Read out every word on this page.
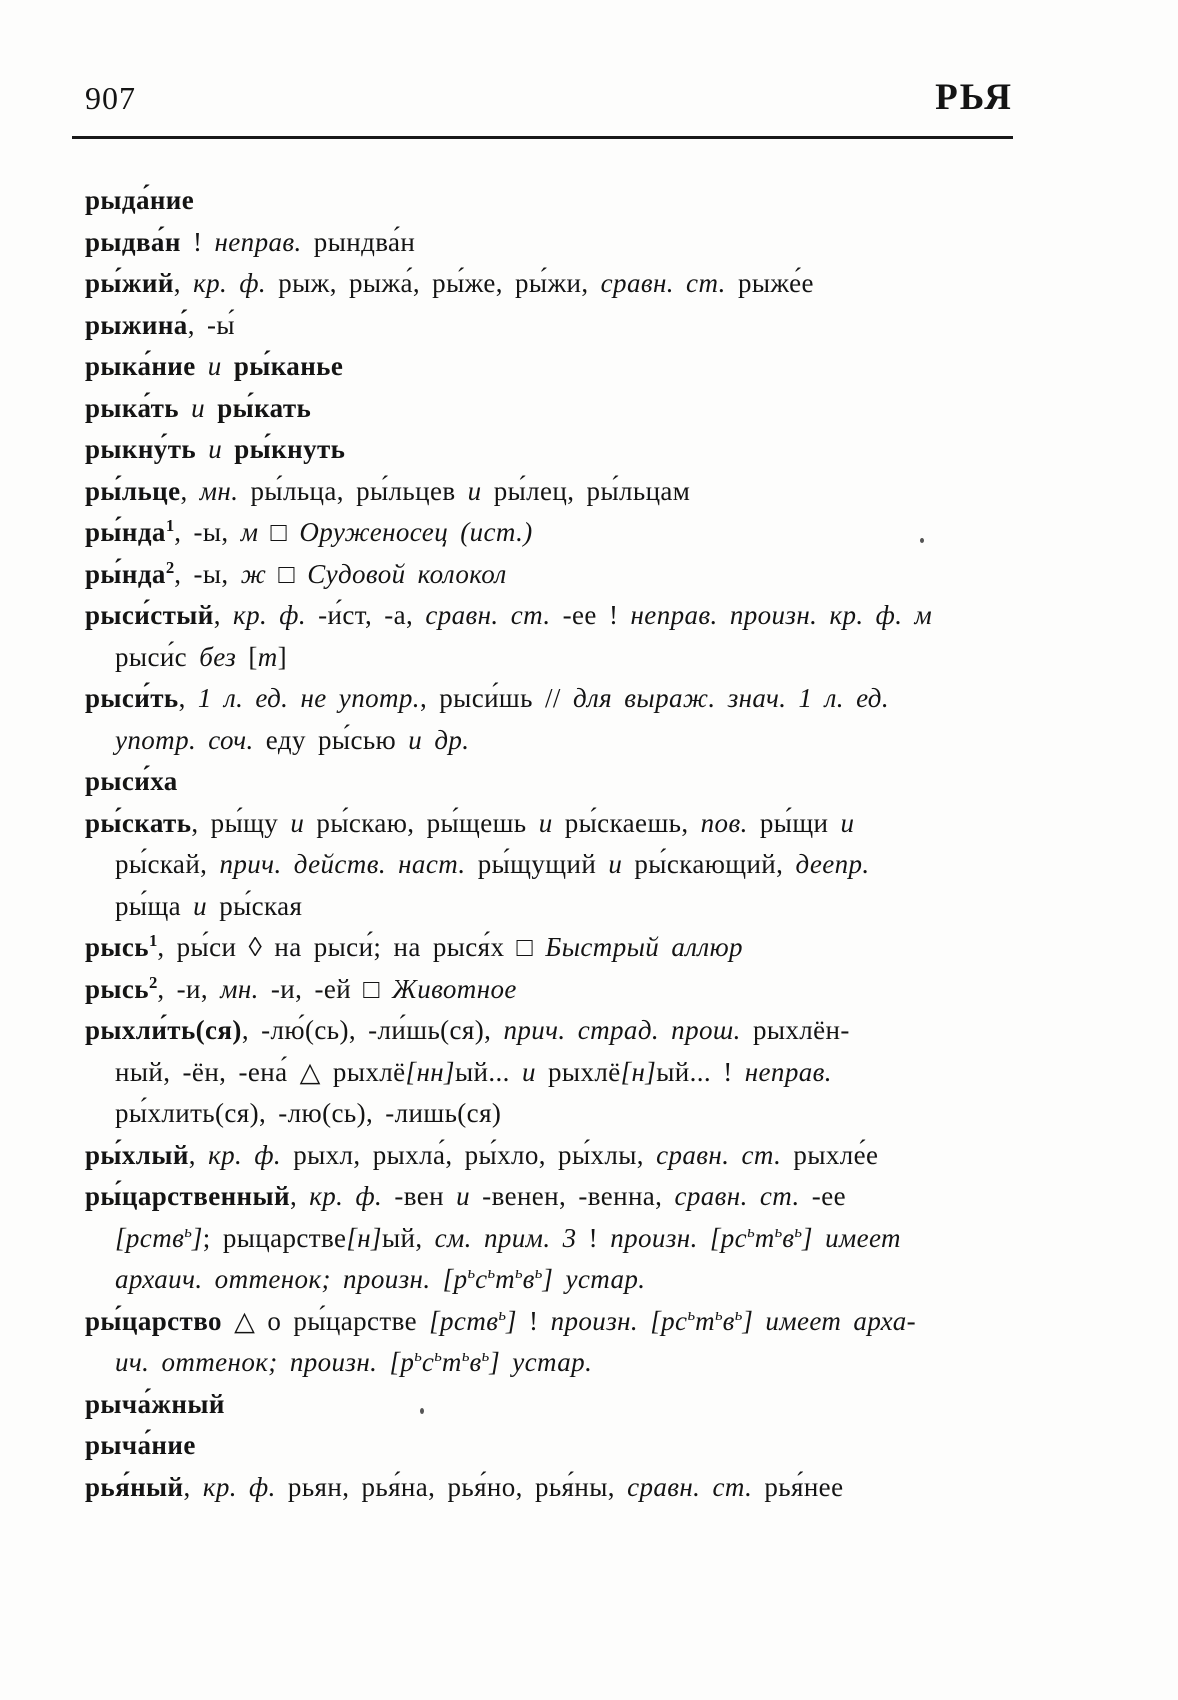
907	РЬЯ
рыда́ние
рыдва́н ! неправ. рындва́н
ры́жий, кр. ф. рыж, рыжа́, ры́же, ры́жи, сравн. ст. рыже́е
рыжина́, -ы́
рыка́ние и ры́канье
рыка́ть и ры́кать
рыкну́ть и ры́кнуть
ры́льце, мн. ры́льца, ры́льцев и ры́лец, ры́льцам
ры́нда$^1$, -ы, м □ Оруженосец (ист.)
ры́нда$^2$, -ы, ж □ Судовой колокол
рыси́стый, кр. ф. -и́ст, -а, сравн. ст. -ее ! неправ. произн. кр. ф. м
рыси́с без [т]
рыси́ть, 1 л. ед. не употр., рыси́шь // для выраж. знач. 1 л. ед.
употр. соч. еду ры́сью и др.
рыси́ха
ры́скать, ры́щу и ры́скаю, ры́щешь и ры́скаешь, пов. ры́щи и
ры́скай, прич. действ. наст. ры́щущий и ры́скающий, деепр.
ры́ща и ры́ская
рысь$^1$, ры́си ◊ на рыси́; на рыся́х □ Быстрый аллюр
рысь$^2$, -и, мн. -и, -ей □ Животное
рыхли́ть(ся), -лю́(сь), -ли́шь(ся), прич. страд. прош. рыхлён-
ный, -ён, -ена́ △ рыхлё[нн]ый... и рыхлё[н]ый... ! неправ.
ры́хлить(ся), -лю(сь), -лишь(ся)
ры́хлый, кр. ф. рыхл, рыхла́, ры́хло, ры́хлы, сравн. ст. рыхле́е
ры́царственный, кр. ф. -вен и -венен, -венна, сравн. ст. -ее
[рств$^ь$]; рыцарстве[н]ый, см. прим. 3 ! произн. $[рс^ьт^ьв^ь]$ имеет
архаич. оттенок; произн. $[р^ьс^ьт^ьв^ь]$ устар.
ры́царство △ о ры́царстве [рств$^ь$] ! произн. $[рс^ьт^ьв^ь]$ имеет арха-
ич. оттенок; произн. $[р^ьс^ьт^ьв^ь]$ устар.
рыча́жный
рыча́ние
рья́ный, кр. ф. рьян, рья́на, рья́но, рья́ны, сравн. ст. рья́нее
